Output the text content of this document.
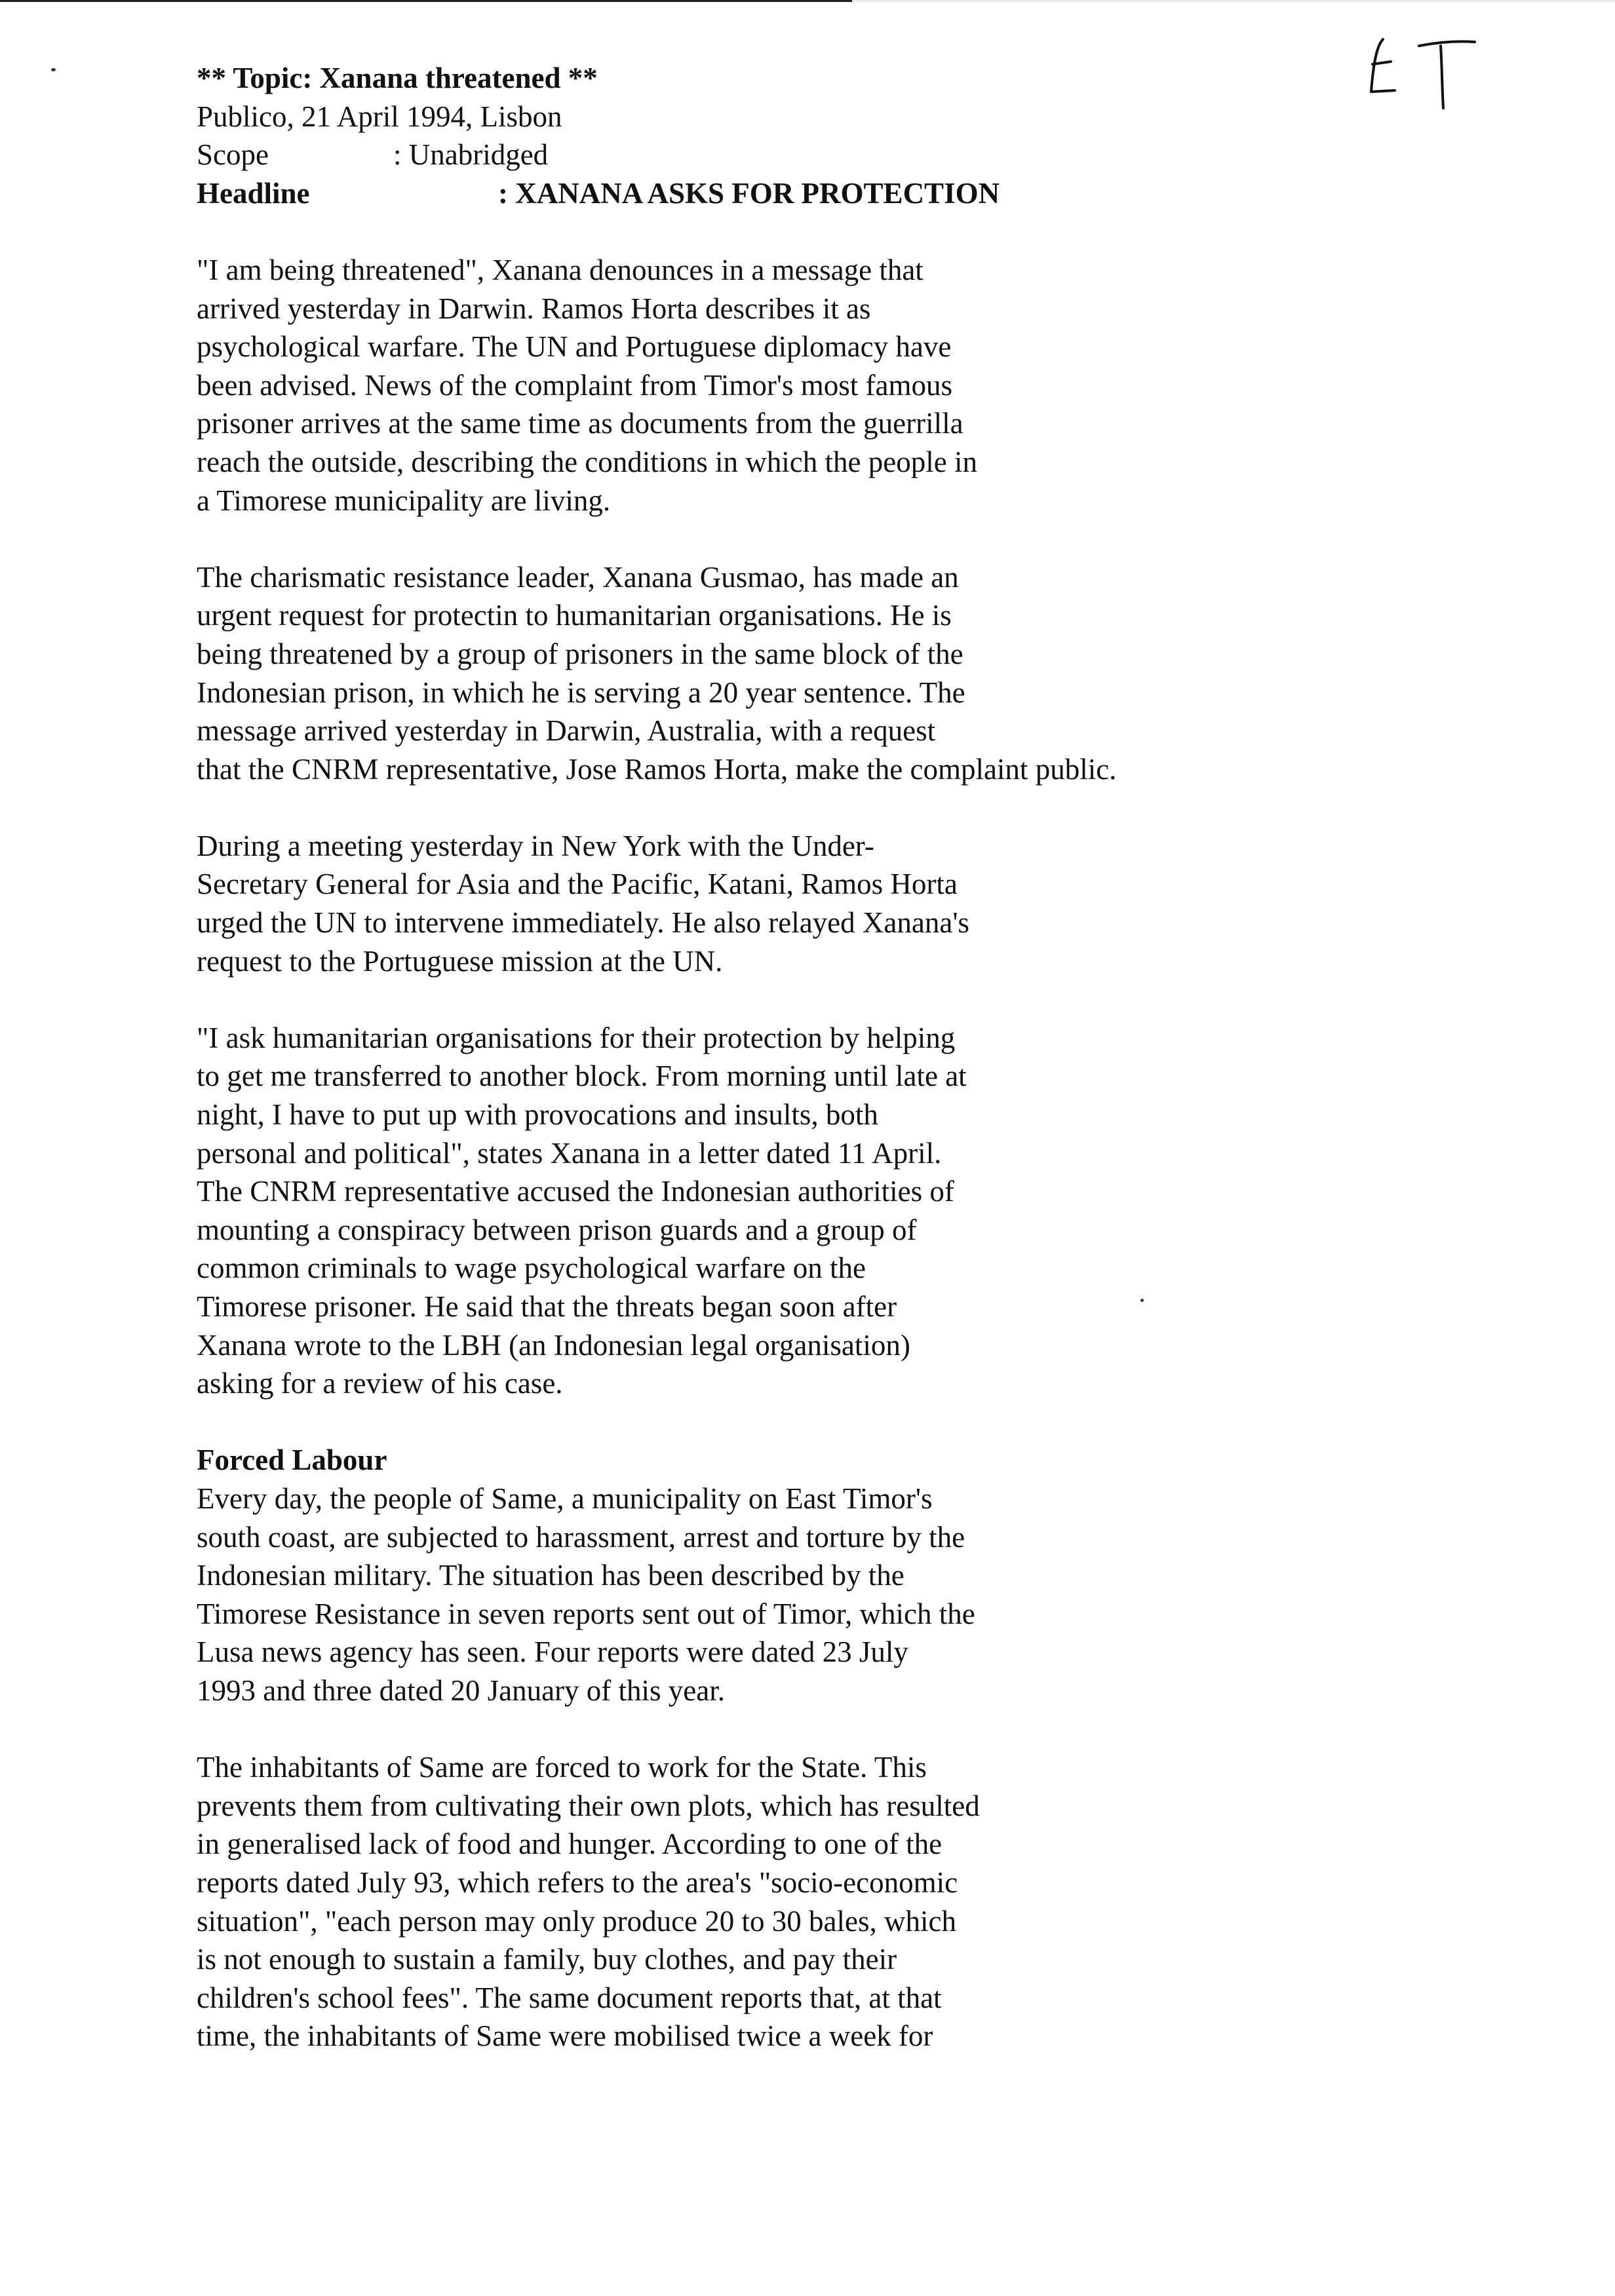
** Topic: Xanana threatened **
Publico, 21 April 1994, Lisbon
Scope	: Unabridged
Headline	: XANANA ASKS FOR PROTECTION
"I am being threatened", Xanana denounces in a message that
arrived yesterday in Darwin. Ramos Horta describes it as
psychological warfare. The UN and Portuguese diplomacy have
been advised. News of the complaint from Timor's most famous
prisoner arrives at the same time as documents from the guerrilla
reach the outside, describing the conditions in which the people in
a Timorese municipality are living.
The charismatic resistance leader, Xanana Gusmao, has made an
urgent request for protectin to humanitarian organisations. He is
being threatened by a group of prisoners in the same block of the
Indonesian prison, in which he is serving a 20 year sentence. The
message arrived yesterday in Darwin, Australia, with a request
that the CNRM representative, Jose Ramos Horta, make the complaint public.
During a meeting yesterday in New York with the Under-
Secretary General for Asia and the Pacific, Katani, Ramos Horta
urged the UN to intervene immediately. He also relayed Xanana's
request to the Portuguese mission at the UN.
"I ask humanitarian organisations for their protection by helping
to get me transferred to another block. From morning until late at
night, I have to put up with provocations and insults, both
personal and political", states Xanana in a letter dated 11 April.
The CNRM representative accused the Indonesian authorities of
mounting a conspiracy between prison guards and a group of
common criminals to wage psychological warfare on the
Timorese prisoner. He said that the threats began soon after
Xanana wrote to the LBH (an Indonesian legal organisation)
asking for a review of his case.
Forced Labour
Every day, the people of Same, a municipality on East Timor's
south coast, are subjected to harassment, arrest and torture by the
Indonesian military. The situation has been described by the
Timorese Resistance in seven reports sent out of Timor, which the
Lusa news agency has seen. Four reports were dated 23 July
1993 and three dated 20 January of this year.
The inhabitants of Same are forced to work for the State. This
prevents them from cultivating their own plots, which has resulted
in generalised lack of food and hunger. According to one of the
reports dated July 93, which refers to the area's "socio-economic
situation", "each person may only produce 20 to 30 bales, which
is not enough to sustain a family, buy clothes, and pay their
children's school fees". The same document reports that, at that
time, the inhabitants of Same were mobilised twice a week for
